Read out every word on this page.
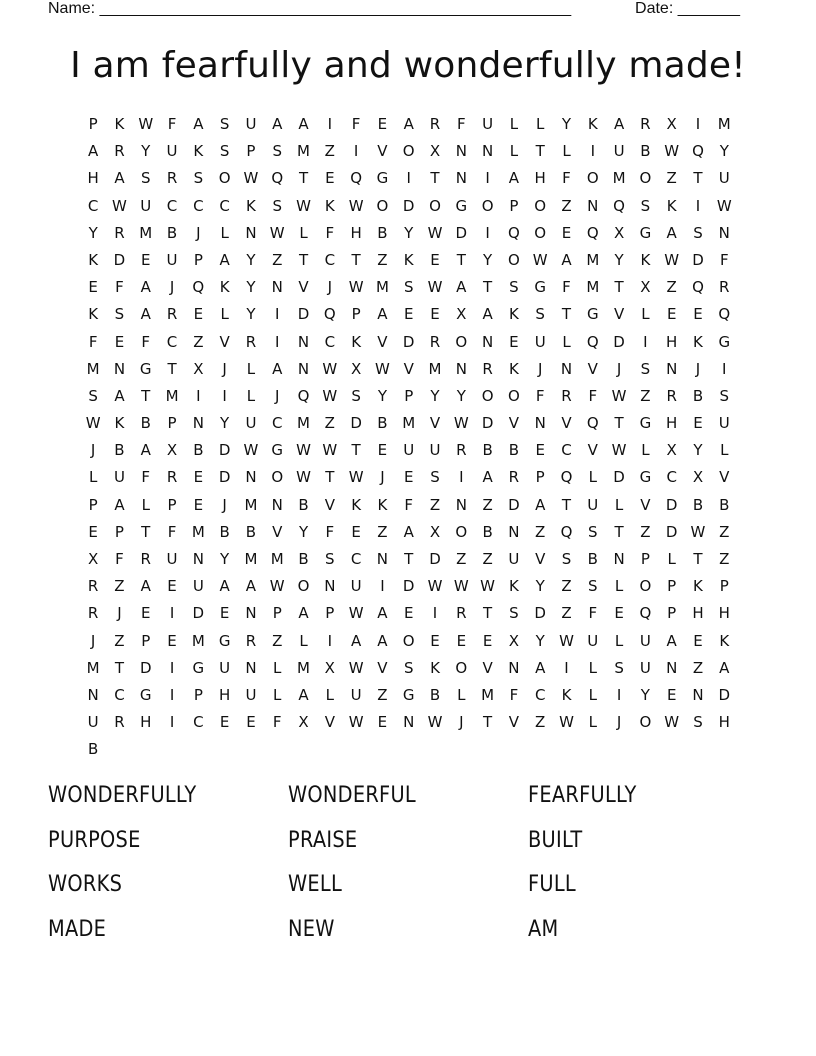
Name: _____________________________________________________	Date: _______
I am fearfully and wonderfully made!
P	K W F	A	S	U	A	A	I	F	E	A	R	F	U	L	L	Y	K	A	R	X	I	M
A	R	Y	U	K	S	P	S	M Z	I	V	O	X	N	N	L	T	L	I	U	B W Q	Y
H	A	S	R	S	O W Q	T	E	Q G	I	T	N	I	A	H	F	O M O	Z	T	U
C W U	C	C	C	K	S W K W O D O G O	P	O	Z	N Q	S	K	I	W
Y	R M B	J	L	N W L	F	H	B	Y W D	I	Q O	E	Q	X	G	A	S	N
K	D	E	U	P	A	Y	Z	T	C	T	Z	K	E	T	Y	O W A M	Y	K W D	F
E	F	A	J	Q	K	Y	N	V	J	W M	S W A	T	S	G	F	M	T	X	Z	Q	R
K	S	A	R	E	L	Y	I	D Q	P	A	E	E	X	A	K	S	T	G	V	L	E	E	Q
F	E	F	C	Z	V	R	I	N	C	K	V	D	R	O N	E	U	L	Q D	I	H	K	G
M N G	T	X	J	L	A	N W X W V M N	R	K	J	N	V	J	S	N	J	I
S	A	T	M	I	I	L	J	Q W S	Y	P	Y	Y	O O	F	R	F W Z	R	B	S
W K	B	P	N	Y	U	C M Z	D	B M V W D	V	N	V	Q	T	G H	E	U
J	B	A	X	B	D W G W W T	E	U	U	R	B	B	E	C	V W L	X	Y	L
L	U	F	R	E	D N O W T W	J	E	S	I	A	R	P	Q	L	D G	C	X	V
P	A	L	P	E	J	M N	B	V	K	K	F	Z	N	Z	D	A	T	U	L	V	D	B	B
E	P	T	F	M B	B	V	Y	F	E	Z	A	X	O	B	N	Z	Q	S	T	Z	D W Z
X	F	R	U	N	Y	M M B	S	C	N	T	D	Z	Z	U	V	S	B	N	P	L	T	Z
R	Z	A	E	U	A	A W O N	U	I	D W W W K	Y	Z	S	L	O	P	K	P
R	J	E	I	D	E	N	P	A	P W A	E	I	R	T	S	D	Z	F	E	Q	P	H	H
J	Z	P	E	M G	R	Z	L	I	A	A	O	E	E	E	X	Y W U	L	U	A	E	K
M	T	D	I	G	U	N	L	M X W V	S	K	O	V	N	A	I	L	S	U	N	Z	A
N	C	G	I	P	H	U	L	A	L	U	Z	G	B	L	M	F	C	K	L	I	Y	E	N D
U	R	H	I	C	E	E	F	X	V W E	N W	J	T	V	Z W L	J	O W S	H
B
WONDERFULLY	WONDERFUL	FEARFULLY
PURPOSE	PRAISE	BUILT
WORKS	WELL	FULL
MADE	NEW	AM
